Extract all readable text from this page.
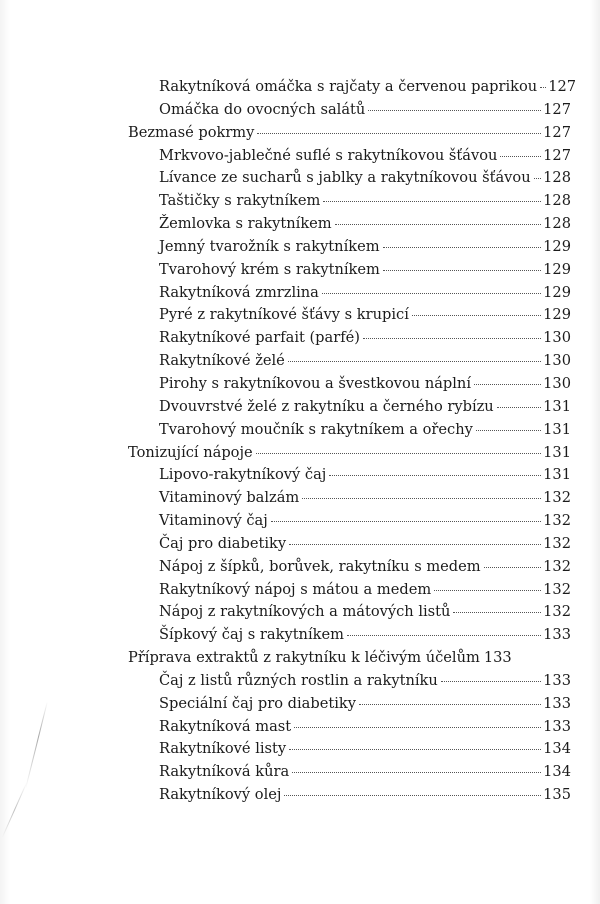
Rakytníková omáčka s rajčaty a červenou paprikou 127
Omáčka do ovocných salátů	127
Bezmasé pokrmy	127
Mrkvovo-jablečné suflé s rakytníkovou šťávou	127
Lívance ze sucharů s jablky a rakytníkovou šťávou 128
Taštičky s rakytníkem	128
Žemlovka s rakytníkem	128
Jemný tvarožník s rakytníkem	129
Tvarohový krém s rakytníkem	129
Rakytníková zmrzlina	129
Pyré z rakytníkové šťávy s krupicí	129
Rakytníkové parfait (parfé)	130
Rakytníkové želé	130
Pirohy s rakytníkovou a švestkovou náplní	130
Dvouvrstvé želé z rakytníku a černého rybízu	131
Tvarohový moučník s rakytníkem a ořechy	131
Tonizující nápoje	131
Lipovo-rakytníkový čaj	131
Vitaminový balzám	132
Vitaminový čaj	132
Čaj pro diabetiky	132
Nápoj z šípků, borůvek, rakytníku s medem	132
Rakytníkový nápoj s mátou a medem	132
Nápoj z rakytníkových a mátových listů	132
Šípkový čaj s rakytníkem	133
Příprava extraktů z rakytníku k léčivým účelům 133
Čaj z listů různých rostlin a rakytníku	133
Speciální čaj pro diabetiky	133
Rakytníková mast	133
Rakytníkové listy	134
Rakytníková kůra	134
Rakytníkový olej	135
